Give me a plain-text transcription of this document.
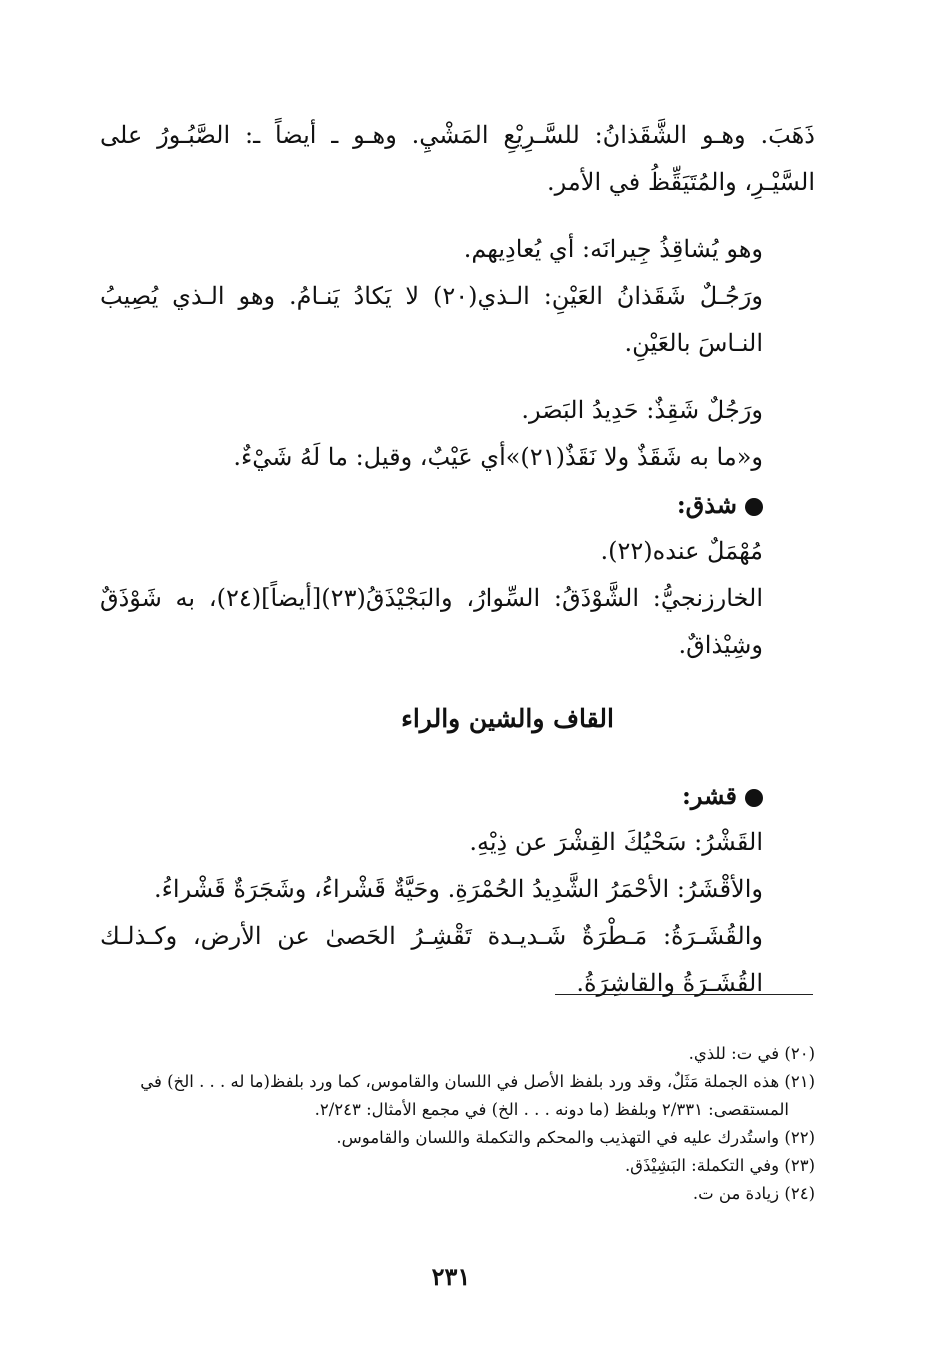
ذَهَبَ. وهـو الشَّقَذانُ: للسَّـرِيْعِ المَشْيِ. وهـو ـ أيضاً ـ: الصَّبُـورُ على السَّيْـرِ، والمُتَيَقِّظُ في الأمر.

وهو يُشاقِذُ جِيرانَه: أي يُعادِيهم.

ورَجُـلٌ شَقَذانُ العَيْنِ: الـذي(٢٠) لا يَكادُ يَنـامُ. وهو الـذي يُصِيبُ النـاسَ بالعَيْنِ.

ورَجُلٌ شَقِذٌ: حَدِيدُ البَصَر.

و«ما به شَقَذٌ ولا نَقَذٌ(٢١)»أي عَيْبٌ، وقيل: ما لَهُ شَيْءٌ.

شذق:

مُهْمَلٌ عنده(٢٢).

الخارزنجيُّ: الشَّوْذَقُ: السِّوارُ، والبَجْيْذَقُ(٢٣)[أيضاً](٢٤)، به شَوْذَقٌ وشِيْذاقٌ.

القاف والشين والراء

قشر:

القَشْرُ: سَحْيُكَ القِشْرَ عن ذِيْهِ.

والأقْشَرُ: الأحْمَرُ الشَّدِيدُ الحُمْرَةِ. وحَيَّةٌ قَشْراءُ، وشَجَرَةٌ قَشْراءُ.

والقُشَـرَةُ: مَـطْرَةٌ شَـديـدة تَقْشِـرُ الحَصىٰ عن الأرض، وكـذلـك القُشَـرَةُ والقاشِرَةُ.

(٢٠) في ت: للذي.

(٢١) هذه الجملة مَثَلٌ، وقد ورد بلفظ الأصل في اللسان والقاموس، كما ورد بلفظ(ما له . . . الخ) في

المستقصى: ٢/٣٣١ وبلفظ (ما دونه . . . الخ) في مجمع الأمثال: ٢/٢٤٣.

(٢٢) واستُدرك عليه في التهذيب والمحكم والتكملة واللسان والقاموس.

(٢٣) وفي التكملة: البَشِيْذَق.

(٢٤) زيادة من ت.

٢٣١
